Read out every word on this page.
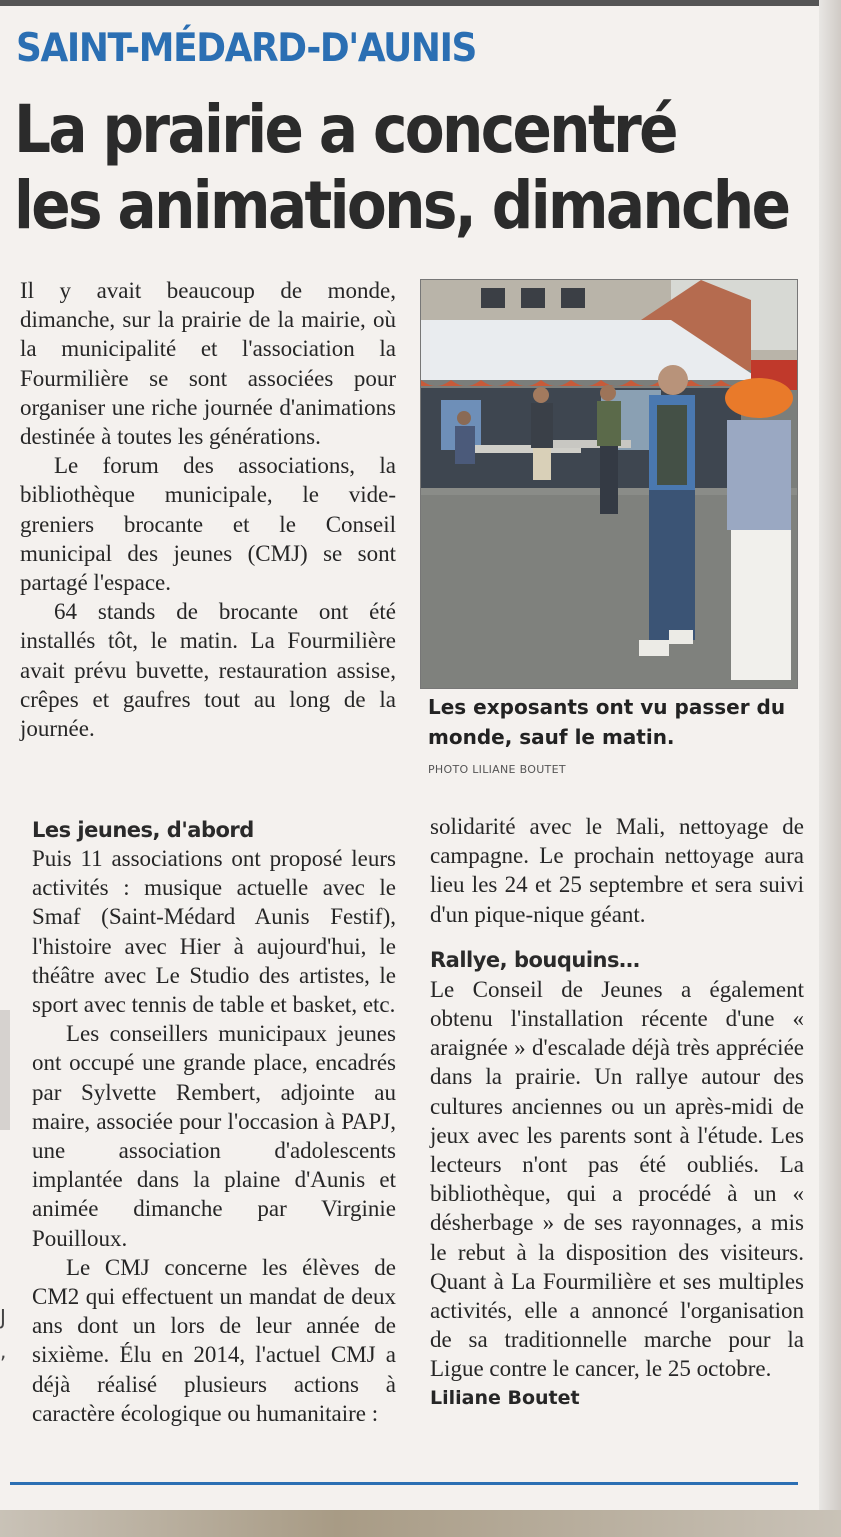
J
,
SAINT-MÉDARD-D'AUNIS
La prairie a concentré
les animations, dimanche

Il y avait beaucoup de monde, dimanche, sur la prairie de la mairie, où la municipalité et l'association la Fourmilière se sont associées pour organiser une riche journée d'animations destinée à toutes les générations.

Le forum des associations, la bibliothèque municipale, le vide-greniers brocante et le Conseil municipal des jeunes (CMJ) se sont partagé l'espace.

64 stands de brocante ont été installés tôt, le matin. La Fourmilière avait prévu buvette, restauration assise, crêpes et gaufres tout au long de la journée.

Les jeunes, d'abord

Puis 11 associations ont proposé leurs activités : musique actuelle avec le Smaf (Saint-Médard Aunis Festif), l'histoire avec Hier à aujourd'hui, le théâtre avec Le Studio des artistes, le sport avec tennis de table et basket, etc.

Les conseillers municipaux jeunes ont occupé une grande place, encadrés par Sylvette Rembert, adjointe au maire, associée pour l'occasion à PAPJ, une association d'adolescents implantée dans la plaine d'Aunis et animée dimanche par Virginie Pouilloux.

Le CMJ concerne les élèves de CM2 qui effectuent un mandat de deux ans dont un lors de leur année de sixième. Élu en 2014, l'actuel CMJ a déjà réalisé plusieurs actions à caractère écologique ou humanitaire :

Les exposants ont vu passer du monde, sauf le matin.
PHOTO LILIANE BOUTET

solidarité avec le Mali, nettoyage de campagne. Le prochain nettoyage aura lieu les 24 et 25 septembre et sera suivi d'un pique-nique géant.

Rallye, bouquins…

Le Conseil de Jeunes a également obtenu l'installation récente d'une « araignée » d'escalade déjà très appréciée dans la prairie. Un rallye autour des cultures anciennes ou un après-midi de jeux avec les parents sont à l'étude. Les lecteurs n'ont pas été oubliés. La bibliothèque, qui a procédé à un « désherbage » de ses rayonnages, a mis le rebut à la disposition des visiteurs. Quant à La Fourmilière et ses multiples activités, elle a annoncé l'organisation de sa traditionnelle marche pour la Ligue contre le cancer, le 25 octobre.

Liliane Boutet
